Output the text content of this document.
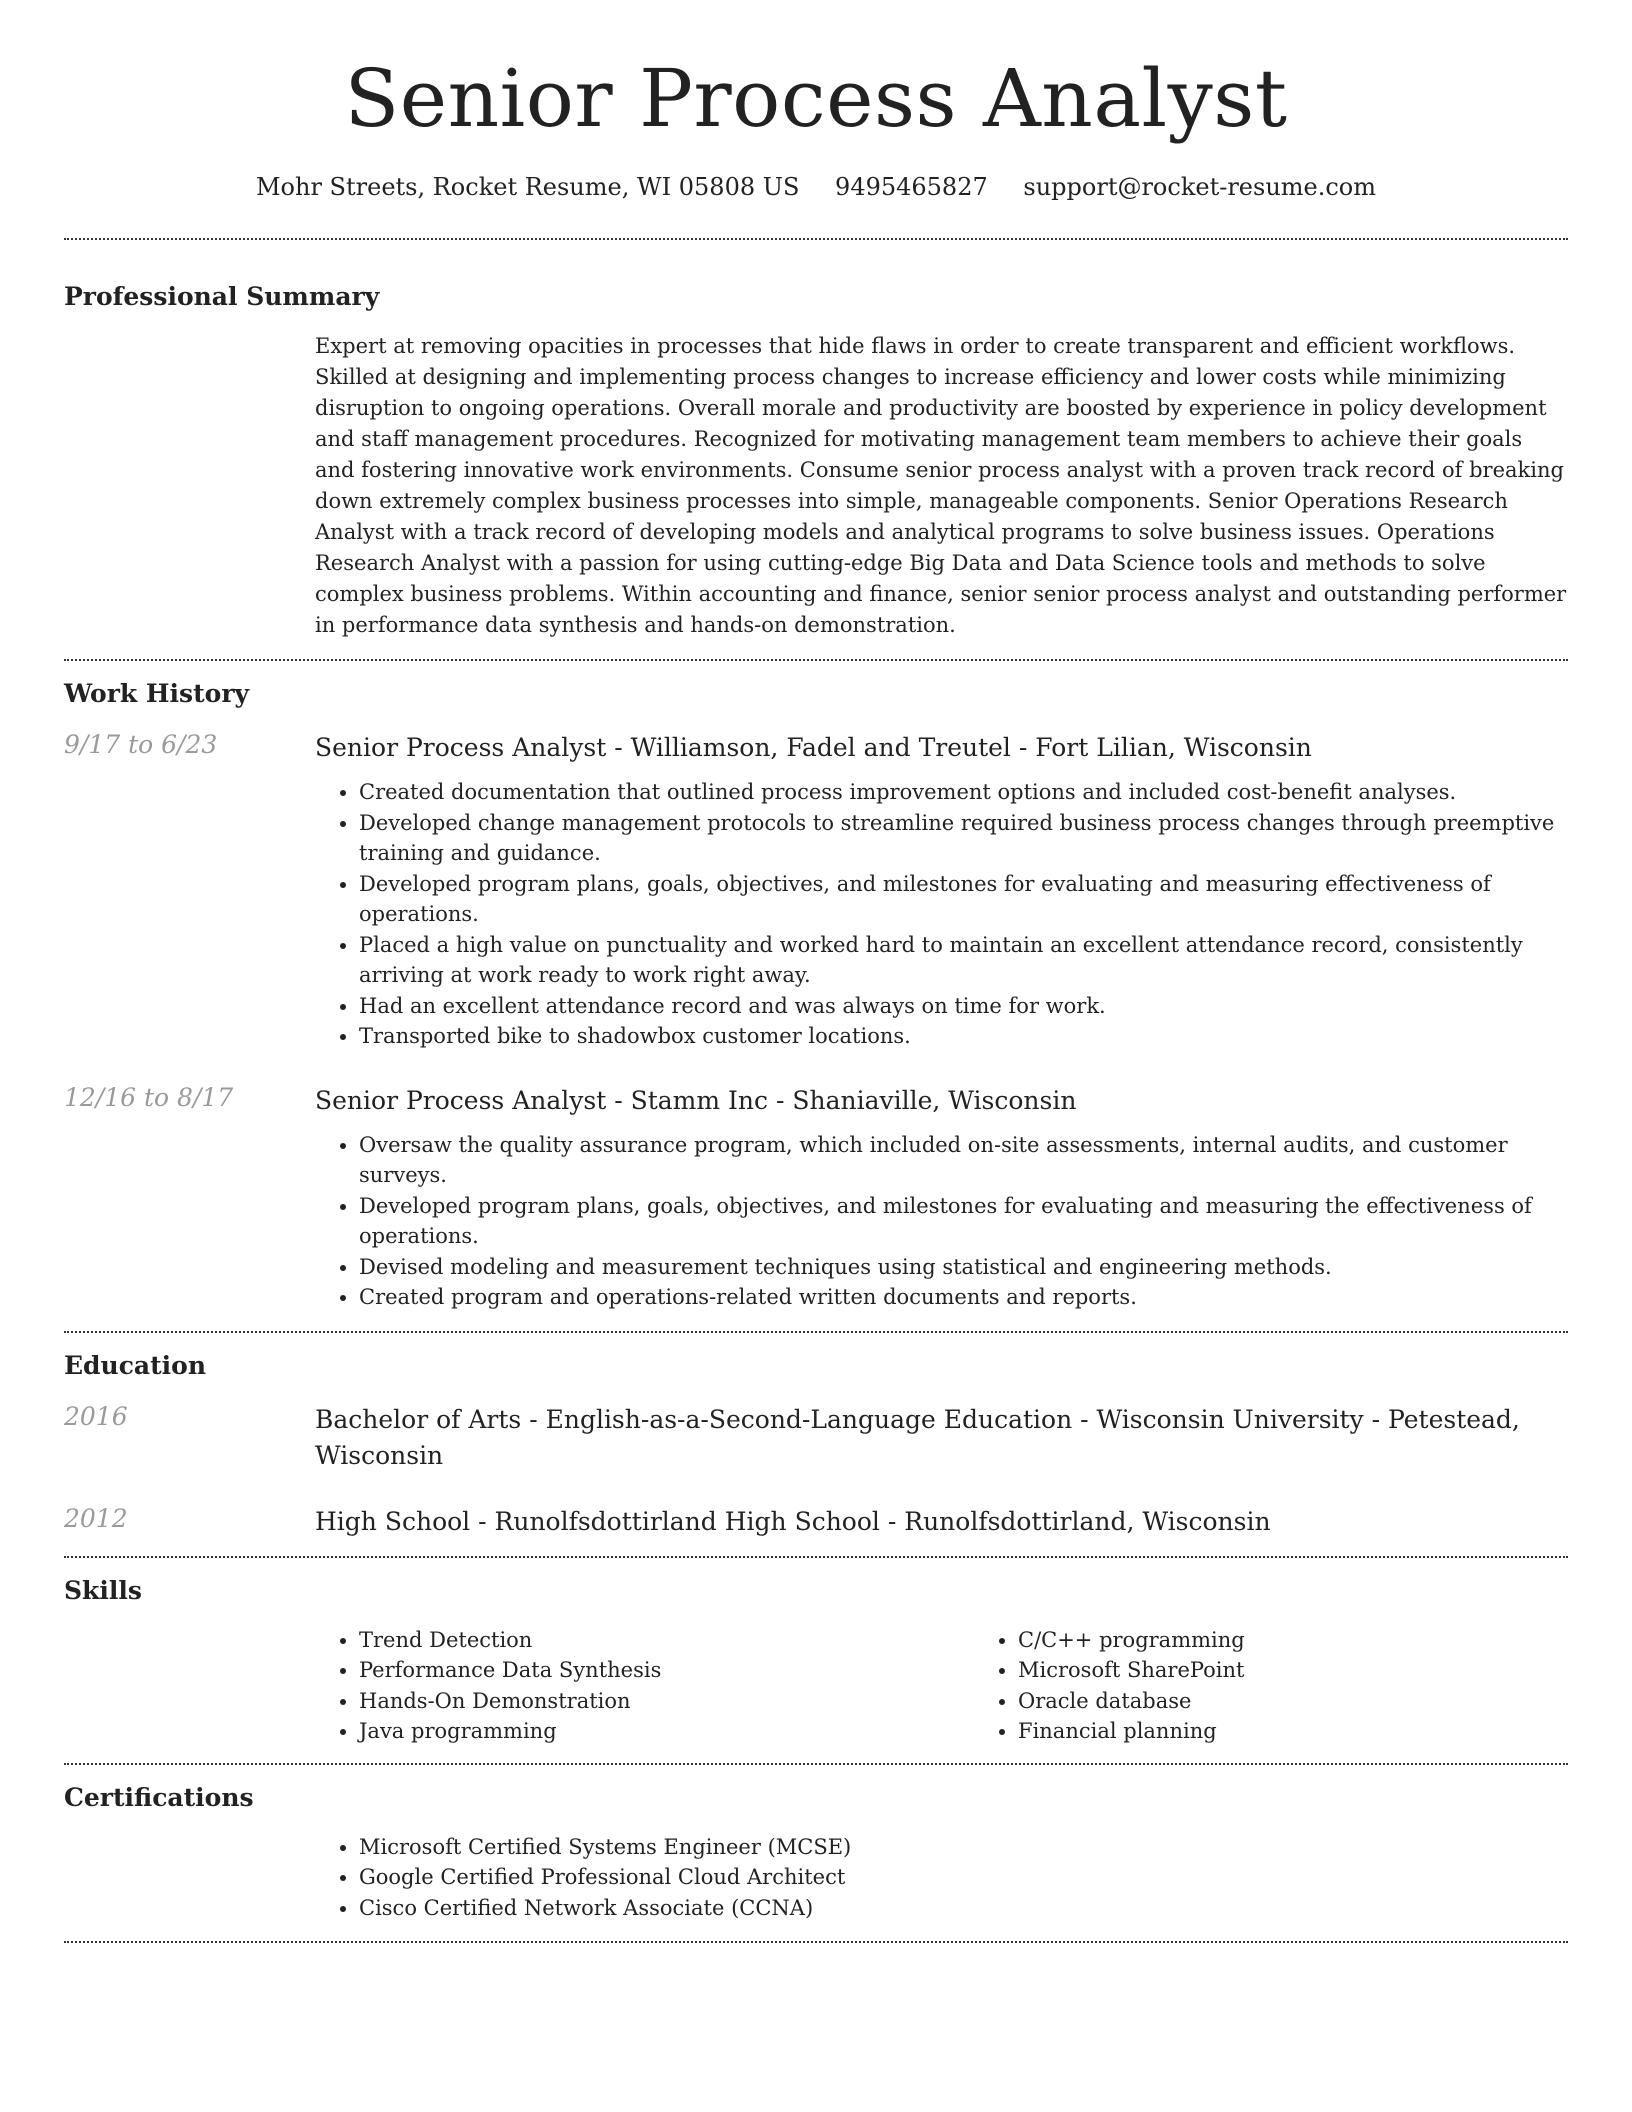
Senior Process Analyst
Mohr Streets, Rocket Resume, WI 05808 US 9495465827 support@rocket-resume.com
Professional Summary

Expert at removing opacities in processes that hide flaws in order to create transparent and efficient workflows. Skilled at designing and implementing process changes to increase efficiency and lower costs while minimizing disruption to ongoing operations. Overall morale and productivity are boosted by experience in policy development and staff management procedures. Recognized for motivating management team members to achieve their goals and fostering innovative work environments. Consume senior process analyst with a proven track record of breaking down extremely complex business processes into simple, manageable components. Senior Operations Research Analyst with a track record of developing models and analytical programs to solve business issues. Operations Research Analyst with a passion for using cutting-edge Big Data and Data Science tools and methods to solve complex business problems. Within accounting and finance, senior senior process analyst and outstanding performer in performance data synthesis and hands-on demonstration.

Work History
9/17 to 6/23	Senior Process Analyst - Williamson, Fadel and Treutel - Fort Lilian, Wisconsin
• Created documentation that outlined process improvement options and included cost-benefit analyses.
• Developed change management protocols to streamline required business process changes through preemptive training and guidance.
• Developed program plans, goals, objectives, and milestones for evaluating and measuring effectiveness of operations.
• Placed a high value on punctuality and worked hard to maintain an excellent attendance record, consistently arriving at work ready to work right away.
• Had an excellent attendance record and was always on time for work.
• Transported bike to shadowbox customer locations.
12/16 to 8/17	Senior Process Analyst - Stamm Inc - Shaniaville, Wisconsin
• Oversaw the quality assurance program, which included on-site assessments, internal audits, and customer surveys.
• Developed program plans, goals, objectives, and milestones for evaluating and measuring the effectiveness of operations.
• Devised modeling and measurement techniques using statistical and engineering methods.
• Created program and operations-related written documents and reports.
Education
2016	Bachelor of Arts - English-as-a-Second-Language Education - Wisconsin University - Petestead, Wisconsin
2012	High School - Runolfsdottirland High School - Runolfsdottirland, Wisconsin
Skills
• Trend Detection
• Performance Data Synthesis
• Hands-On Demonstration
• Java programming
• C/C++ programming
• Microsoft SharePoint
• Oracle database
• Financial planning
Certifications
• Microsoft Certified Systems Engineer (MCSE)
• Google Certified Professional Cloud Architect
• Cisco Certified Network Associate (CCNA)
